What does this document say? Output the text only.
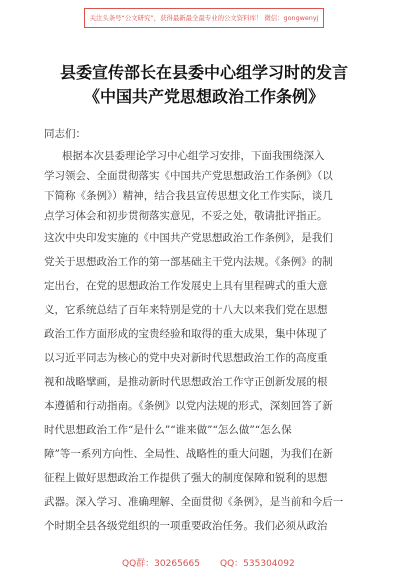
关注头条号“公文研究”，获得最新最全最专业的公文资料库！ 微信：gongwenyj
县委宣传部长在县委中心组学习时的发言
《中国共产党思想政治工作条例》
同志们：
根据本次县委理论学习中心组学习安排，下面我围绕深入
学习领会、全面贯彻落实《中国共产党思想政治工作条例》（以
下简称《条例》）精神，结合我县宣传思想文化工作实际，谈几
点学习体会和初步贯彻落实意见，不妥之处，敬请批评指正。
这次中央印发实施的《中国共产党思想政治工作条例》，是我们
党关于思想政治工作的第一部基础主干党内法规。《条例》的制
定出台，在党的思想政治工作发展史上具有里程碑式的重大意
义，它系统总结了百年来特别是党的十八大以来我们党在思想
政治工作方面形成的宝贵经验和取得的重大成果，集中体现了
以习近平同志为核心的党中央对新时代思想政治工作的高度重
视和战略擘画，是推动新时代思想政治工作守正创新发展的根
本遵循和行动指南。《条例》以党内法规的形式，深刻回答了新
时代思想政治工作“是什么”“谁来做”“怎么做”“怎么保
障”等一系列方向性、全局性、战略性的重大问题，为我们在新
征程上做好思想政治工作提供了强大的制度保障和锐利的思想
武器。深入学习、准确理解、全面贯彻《条例》，是当前和今后一
个时期全县各级党组织的一项重要政治任务。我们必须从政治
QQ群：30265665 QQ：535304092
